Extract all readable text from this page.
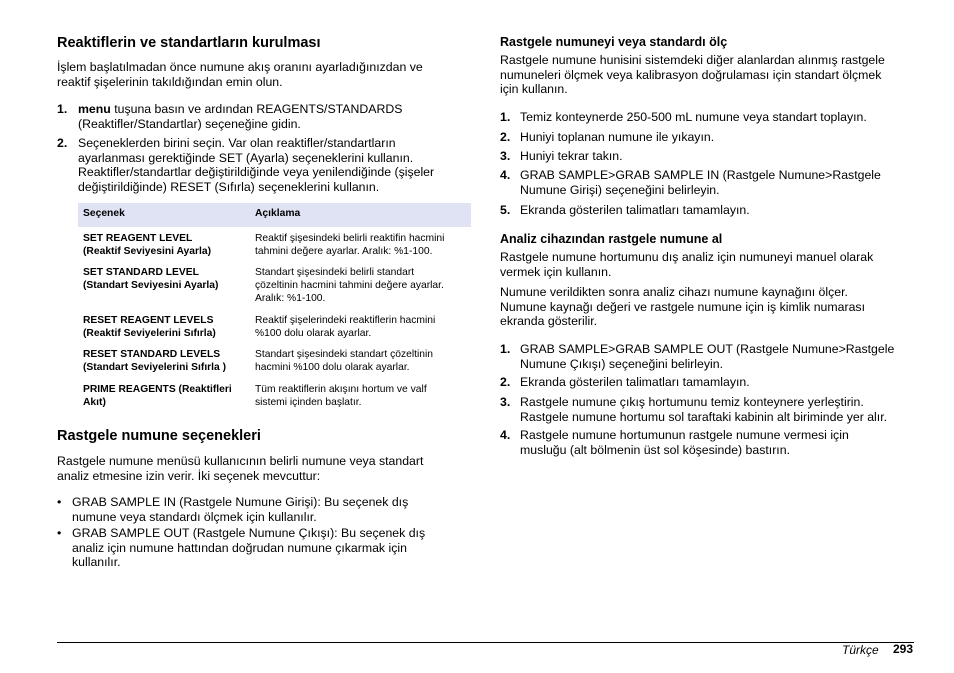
Reaktiflerin ve standartların kurulması
İşlem başlatılmadan önce numune akış oranını ayarladığınızdan ve
reaktif şişelerinin takıldığından emin olun.
1. menu tuşuna basın ve ardından REAGENTS/STANDARDS
(Reaktifler/Standartlar) seçeneğine gidin.
2. Seçeneklerden birini seçin. Var olan reaktifler/standartların
ayarlanması gerektiğinde SET (Ayarla) seçeneklerini kullanın.
Reaktifler/standartlar değiştirildiğinde veya yenilendiğinde (şişeler
değiştirildiğinde) RESET (Sıfırla) seçeneklerini kullanın.
Seçenek	Açıklama

SET REAGENT LEVEL
(Reaktif Seviyesini Ayarla)	Reaktif şişesindeki belirli reaktifin hacmini
tahmini değere ayarlar. Aralık: %1-100.

SET STANDARD LEVEL
(Standart Seviyesini Ayarla)	Standart şişesindeki belirli standart
çözeltinin hacmini tahmini değere ayarlar.
Aralık: %1-100.

RESET REAGENT LEVELS
(Reaktif Seviyelerini Sıfırla)	Reaktif şişelerindeki reaktiflerin hacmini
%100 dolu olarak ayarlar.

RESET STANDARD LEVELS
(Standart Seviyelerini Sıfırla )	Standart şişesindeki standart çözeltinin
hacmini %100 dolu olarak ayarlar.

PRIME REAGENTS (Reaktifleri
Akıt)	Tüm reaktiflerin akışını hortum ve valf
sistemi içinden başlatır.
Rastgele numune seçenekleri
Rastgele numune menüsü kullanıcının belirli numune veya standart
analiz etmesine izin verir. İki seçenek mevcuttur:
• GRAB SAMPLE IN (Rastgele Numune Girişi): Bu seçenek dış
numune veya standardı ölçmek için kullanılır.
• GRAB SAMPLE OUT (Rastgele Numune Çıkışı): Bu seçenek dış
analiz için numune hattından doğrudan numune çıkarmak için
kullanılır.
Rastgele numuneyi veya standardı ölç
Rastgele numune hunisini sistemdeki diğer alanlardan alınmış rastgele
numuneleri ölçmek veya kalibrasyon doğrulaması için standart ölçmek
için kullanın.
1. Temiz konteynerde 250-500 mL numune veya standart toplayın.
2. Huniyi toplanan numune ile yıkayın.
3. Huniyi tekrar takın.
4. GRAB SAMPLE>GRAB SAMPLE IN (Rastgele Numune>Rastgele
Numune Girişi) seçeneğini belirleyin.
5. Ekranda gösterilen talimatları tamamlayın.
Analiz cihazından rastgele numune al
Rastgele numune hortumunu dış analiz için numuneyi manuel olarak
vermek için kullanın.
Numune verildikten sonra analiz cihazı numune kaynağını ölçer.
Numune kaynağı değeri ve rastgele numune için iş kimlik numarası
ekranda gösterilir.
1. GRAB SAMPLE>GRAB SAMPLE OUT (Rastgele Numune>Rastgele
Numune Çıkışı) seçeneğini belirleyin.
2. Ekranda gösterilen talimatları tamamlayın.
3. Rastgele numune çıkış hortumunu temiz konteynere yerleştirin.
Rastgele numune hortumu sol taraftaki kabinin alt biriminde yer alır.
4. Rastgele numune hortumunun rastgele numune vermesi için
musluğu (alt bölmenin üst sol köşesinde) bastırın.
Türkçe 293
